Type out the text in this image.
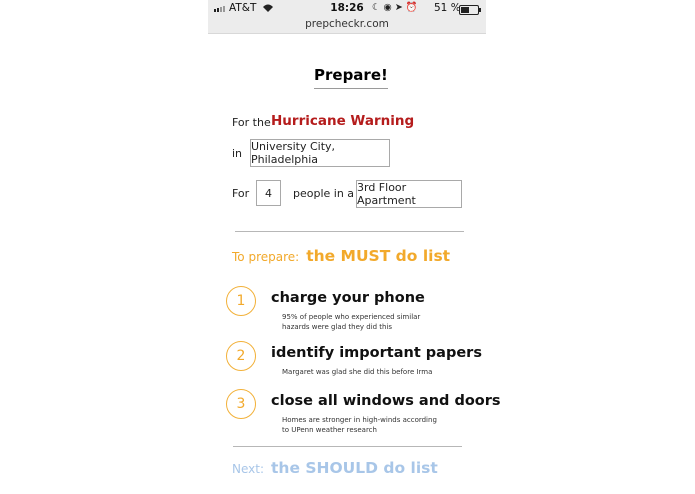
AT&T	18:26 ☾ ◉ ➤ ⏰ 51 %
prepcheckr.com
Prepare!
For the Hurricane Warning
in
University City, Philadelphia
For	4	people in a 3rd Floor Apartment
To prepare: the MUST do list
1	charge your phone
95% of people who experienced similar hazards were glad they did this
2	identify important papers
Margaret was glad she did this before Irma
3	close all windows and doors
Homes are stronger in high-winds according to UPenn weather research
Next: the SHOULD do list
